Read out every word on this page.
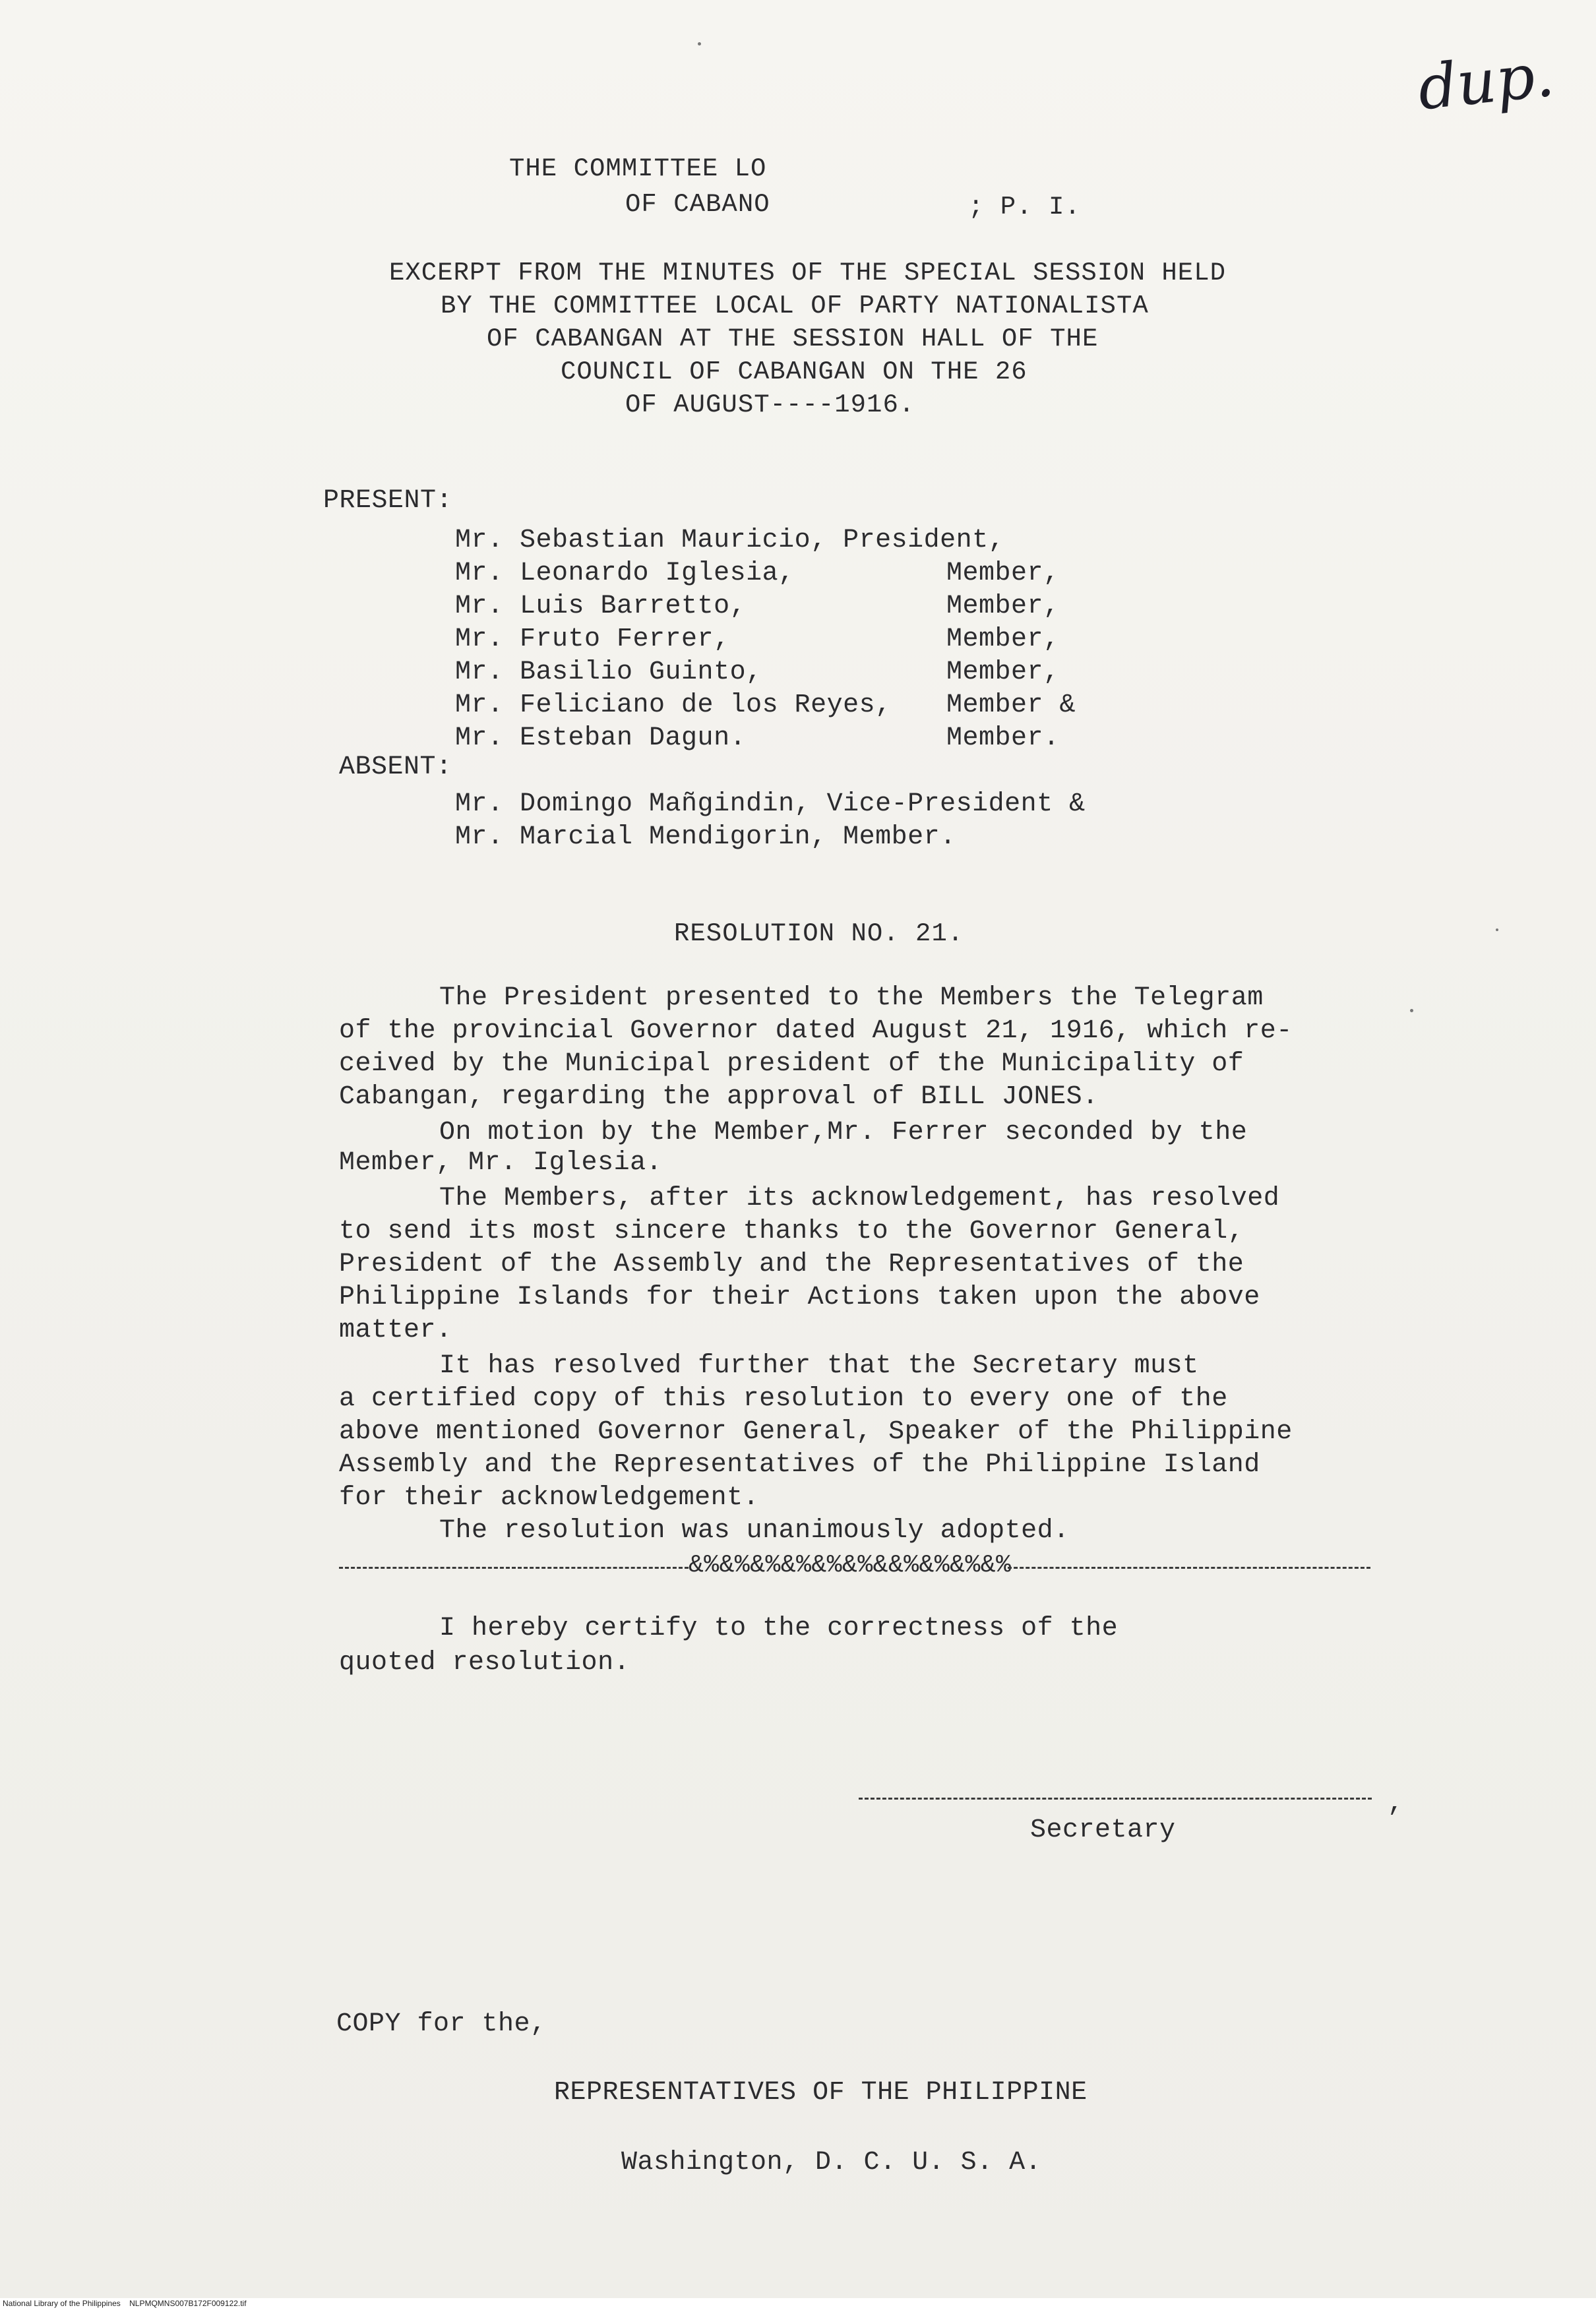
dup.
THE COMMITTEE LO
OF CABANO	; P. I.
EXCERPT FROM THE MINUTES OF THE SPECIAL SESSION HELD
BY THE COMMITTEE LOCAL OF PARTY NATIONALISTA
OF CABANGAN AT THE SESSION HALL OF THE
COUNCIL OF CABANGAN ON THE 26
OF AUGUST----1916.
PRESENT:
Mr. Sebastian Mauricio, President,
Mr. Leonardo Iglesia,	Member,
Mr. Luis Barretto,	Member,
Mr. Fruto Ferrer,	Member,
Mr. Basilio Guinto,	Member,
Mr. Feliciano de los Reyes, Member &
Mr. Esteban Dagun.	Member.
ABSENT:
Mr. Domingo Mañgindin, Vice-President &
Mr. Marcial Mendigorin, Member.
RESOLUTION NO. 21.
The President presented to the Members the Telegram
of the provincial Governor dated August 21, 1916, which re-
ceived by the Municipal president of the Municipality of
Cabangan, regarding the approval of BILL JONES.
On motion by the Member,Mr. Ferrer seconded by the
Member, Mr. Iglesia.
The Members, after its acknowledgement, has resolved
to send its most sincere thanks to the Governor General,
President of the Assembly and the Representatives of the
Philippine Islands for their Actions taken upon the above
matter.
It has resolved further that the Secretary must
a certified copy of this resolution to every one of the
above mentioned Governor General, Speaker of the Philippine
Assembly and the Representatives of the Philippine Island
for their acknowledgement.
The resolution was unanimously adopted.
&%&%&%&%&%&%&&%&%&%&%
I hereby certify to the correctness of the
quoted resolution.
,
Secretary
COPY for the,
REPRESENTATIVES OF THE PHILIPPINE
Washington, D. C. U. S. A.
National Library of the Philippines    NLPMQMNS007B172F009122.tif
